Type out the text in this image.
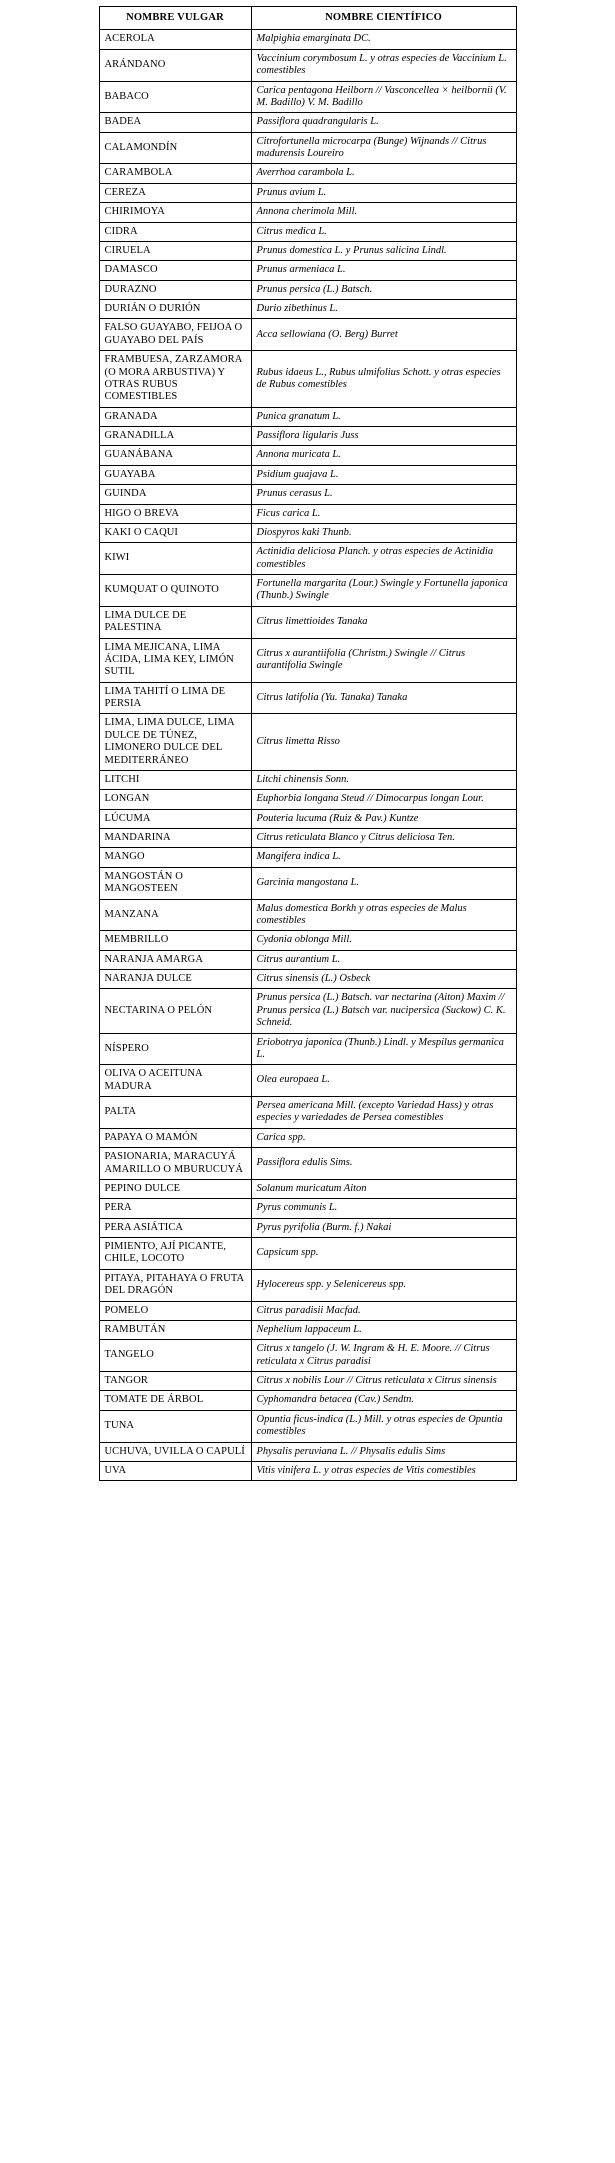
NOMBRE VULGAR	NOMBRE CIENTÍFICO
ACEROLA	Malpighia emarginata DC.
ARÁNDANO	Vaccinium corymbosum L. y otras especies de Vaccinium L. comestibles
BABACO	Carica pentagona Heilborn // Vasconcellea × heilbornii (V. M. Badillo) V. M. Badillo
BADEA	Passiflora quadrangularis L.
CALAMONDÍN	Citrofortunella microcarpa (Bunge) Wijnands // Citrus madurensis Loureiro
CARAMBOLA	Averrhoa carambola L.
CEREZA	Prunus avium L.
CHIRIMOYA	Annona cherimola Mill.
CIDRA	Citrus medica L.
CIRUELA	Prunus domestica L. y Prunus salicina Lindl.
DAMASCO	Prunus armeniaca L.
DURAZNO	Prunus persica (L.) Batsch.
DURIÁN O DURIÓN	Durio zibethinus L.
FALSO GUAYABO, FEIJOA O GUAYABO DEL PAÍS	Acca sellowiana (O. Berg) Burret
FRAMBUESA, ZARZAMORA (O MORA ARBUSTIVA) Y OTRAS RUBUS COMESTIBLES	Rubus idaeus L., Rubus ulmifolius Schott. y otras especies de Rubus comestibles
GRANADA	Punica granatum L.
GRANADILLA	Passiflora ligularis Juss
GUANÁBANA	Annona muricata L.
GUAYABA	Psidium guajava L.
GUINDA	Prunus cerasus L.
HIGO O BREVA	Ficus carica L.
KAKI O CAQUI	Diospyros kaki Thunb.
KIWI	Actinidia deliciosa Planch. y otras especies de Actinidia comestibles
KUMQUAT O QUINOTO	Fortunella margarita (Lour.) Swingle y Fortunella japonica (Thunb.) Swingle
LIMA DULCE DE PALESTINA	Citrus limettioides Tanaka
LIMA MEJICANA, LIMA ÁCIDA, LIMA KEY, LIMÓN SUTIL	Citrus x aurantiifolia (Christm.) Swingle // Citrus aurantifolia Swingle
LIMA TAHITÍ O LIMA DE PERSIA	Citrus latifolia (Yu. Tanaka) Tanaka
LIMA, LIMA DULCE, LIMA DULCE DE TÚNEZ, LIMONERO DULCE DEL MEDITERRÁNEO	Citrus limetta Risso
LITCHI	Litchi chinensis Sonn.
LONGAN	Euphorbia longana Steud // Dimocarpus longan Lour.
LÚCUMA	Pouteria lucuma (Ruiz & Pav.) Kuntze
MANDARINA	Citrus reticulata Blanco y Citrus deliciosa Ten.
MANGO	Mangifera indica L.
MANGOSTÁN O MANGOSTEEN	Garcinia mangostana L.
MANZANA	Malus domestica Borkh y otras especies de Malus comestibles
MEMBRILLO	Cydonia oblonga Mill.
NARANJA AMARGA	Citrus aurantium L.
NARANJA DULCE	Citrus sinensis (L.) Osbeck
NECTARINA O PELÓN	Prunus persica (L.) Batsch. var nectarina (Aiton) Maxim // Prunus persica (L.) Batsch var. nucipersica (Suckow) C. K. Schneid.
NÍSPERO	Eriobotrya japonica (Thunb.) Lindl. y Mespilus germanica L.
OLIVA O ACEITUNA MADURA	Olea europaea L.
PALTA	Persea americana Mill. (excepto Variedad Hass) y otras especies y variedades de Persea comestibles
PAPAYA O MAMÓN	Carica spp.
PASIONARIA, MARACUYÁ AMARILLO O MBURUCUYÁ	Passiflora edulis Sims.
PEPINO DULCE	Solanum muricatum Aiton
PERA	Pyrus communis L.
PERA ASIÁTICA	Pyrus pyrifolia (Burm. f.) Nakai
PIMIENTO, AJÍ PICANTE, CHILE, LOCOTO	Capsicum spp.
PITAYA, PITAHAYA O FRUTA DEL DRAGÓN	Hylocereus spp. y Selenicereus spp.
POMELO	Citrus paradisii Macfad.
RAMBUTÁN	Nephelium lappaceum L.
TANGELO	Citrus x tangelo (J. W. Ingram & H. E. Moore. // Citrus reticulata x Citrus paradisi
TANGOR	Citrus x nobilis Lour // Citrus reticulata x Citrus sinensis
TOMATE DE ÁRBOL	Cyphomandra betacea (Cav.) Sendtn.
TUNA	Opuntia ficus-indica (L.) Mill. y otras especies de Opuntia comestibles
UCHUVA, UVILLA O CAPULÍ	Physalis peruviana L. // Physalis edulis Sims
UVA	Vitis vinifera L. y otras especies de Vitis comestibles
